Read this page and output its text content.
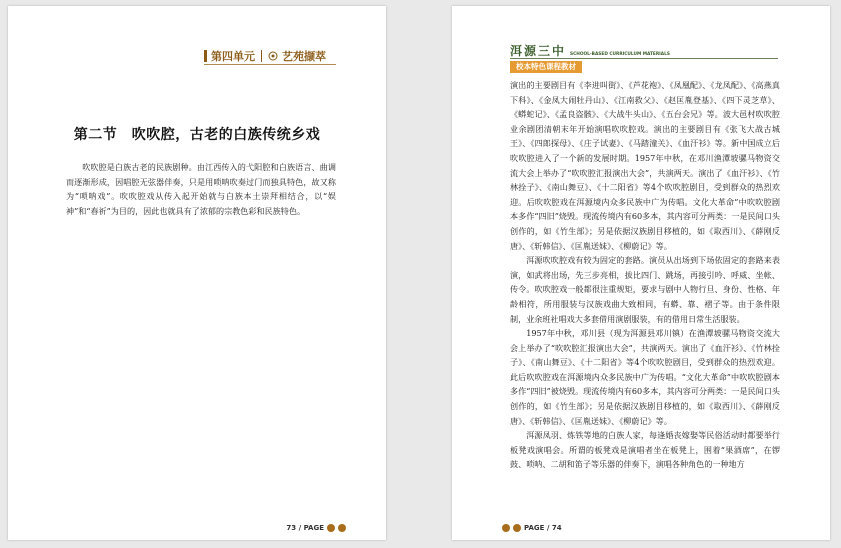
第四单元 艺苑撷萃
第二节　吹吹腔，古老的白族传统乡戏

吹吹腔是白族古老的民族剧种。由江西传入的弋阳腔和白族语言、曲调而逐渐形成，因唱腔无弦器伴奏，只是用唢呐吹奏过门而独具特色，故又称为“唢呐戏”。吹吹腔戏从传入起开始就与白族本土崇拜相结合，以“娱神”和“春祈”为目的，因此也就具有了浓郁的宗教色彩和民族特色。

73 / PAGE
洱源三中 SCHOOL-BASED CURRICULUM MATERIALS
校本特色课程教材

演出的主要剧目有《李进叫街》、《芦花袍》、《凤凰配》、《龙凤配》、《高燕真下科》、《金凤大闹牡丹山》、《江南救父》、《赵匡胤登基》、《四下灵芝草》、《蟒蛇记》、《孟良盗骸》、《大战牛头山》、《五台会兄》等。波大邑村吹吹腔业余剧团清朝末年开始演唱吹吹腔戏。演出的主要剧目有《张飞大战古城王》、《四郎探母》、《庄子试妻》、《马踏潼关》、《血汗衫》等。新中国成立后吹吹腔进入了一个新的发展时期。1957年中秋，在邓川渔潭坡骡马物资交流大会上举办了“吹吹腔汇报演出大会”，共演两天。演出了《血汗衫》、《竹林拴子》、《南山舞豆》、《十二阳省》等4个吹吹腔剧目，受到群众的热烈欢迎。后吹吹腔戏在洱源境内众多民族中广为传唱。文化大革命”中吹吹腔剧本多作“四旧”烧毁。现流传境内有60多本，其内容可分两类：一是民间口头创作的，如《竹生部》；另是依据汉族剧目移植的，如《取西川》、《薛刚反唐》、《斩韩信》、《匡胤送妹》、《柳蔚记》等。

洱源吹吹腔戏有较为固定的套路。演员从出场到下场依固定的套路来表演，如武将出场，先三步亮相，拔比四门、跳场，再接引吟、呼威、坐帐、传令。吹吹腔戏一般都很注重规矩，要求与剧中人物行旦、身份、性格、年龄相符，所用服装与汉族戏曲大致相同，有蟒、靠、褶子等。由于条件限制，业余班社唱戏大多套借用演剧服装，有的借用日常生活服装。

1957年中秋，邓川县（现为洱源县邓川镇）在渔潭坡骡马物资交流大会上举办了“吹吹腔汇报演出大会”，共演两天。演出了《血汗衫》、《竹林拴子》、《南山舞豆》、《十二阳省》等4个吹吹腔剧目，受到群众的热烈欢迎。此后吹吹腔戏在洱源境内众多民族中广为传唱。“文化大革命”中吹吹腔剧本多作“四旧”被烧毁。现流传境内有60多本，其内容可分两类：一是民间口头创作的，如《竹生部》；另是依据汉族剧目移植的，如《取西川》、《薛刚反唐》、《斩韩信》、《匡胤送妹》、《柳蔚记》等。

洱源凤羽、炼铁等地的白族人家，每逢婚丧嫁娶等民俗活动时都要举行板凳戏演唱会。所谓的板凳戏是演唱者坐在板凳上，围着“果酒席”，在锣鼓、唢呐、二胡和笛子等乐器的伴奏下，演唱各种角色的一种地方

PAGE / 74
